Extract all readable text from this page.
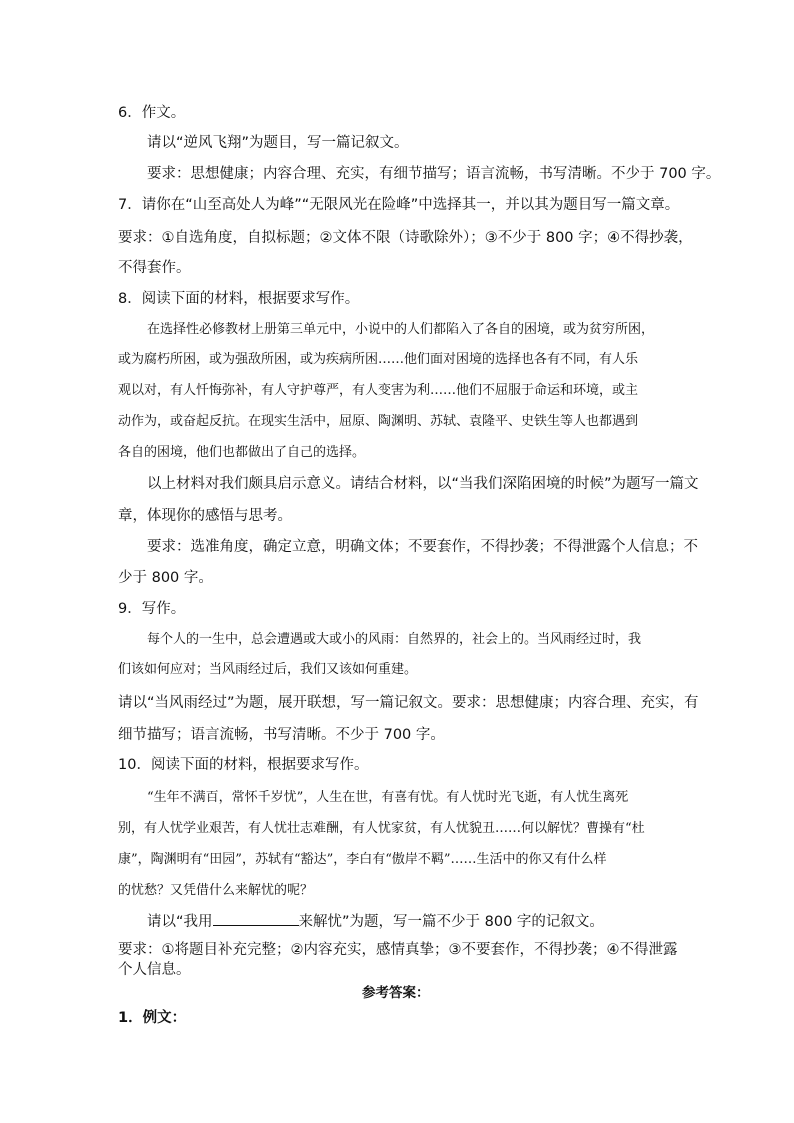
6．作文。
请以“逆风飞翔”为题目，写一篇记叙文。
要求：思想健康；内容合理、充实，有细节描写；语言流畅，书写清晰。不少于 700 字。
7．请你在“山至高处人为峰”“无限风光在险峰”中选择其一，并以其为题目写一篇文章。
要求：①自选角度，自拟标题；②文体不限（诗歌除外）；③不少于 800 字；④不得抄袭，
不得套作。
8．阅读下面的材料，根据要求写作。
在选择性必修教材上册第三单元中，小说中的人们都陷入了各自的困境，或为贫穷所困，
或为腐朽所困，或为强敌所困，或为疾病所困……他们面对困境的选择也各有不同，有人乐
观以对，有人忏悔弥补，有人守护尊严，有人变害为利……他们不屈服于命运和环境，或主
动作为，或奋起反抗。在现实生活中，屈原、陶渊明、苏轼、袁隆平、史铁生等人也都遇到
各自的困境，他们也都做出了自己的选择。
以上材料对我们颇具启示意义。请结合材料，以“当我们深陷困境的时候”为题写一篇文
章，体现你的感悟与思考。
要求：选准角度，确定立意，明确文体；不要套作，不得抄袭；不得泄露个人信息；不
少于 800 字。
9．写作。
每个人的一生中，总会遭遇或大或小的风雨：自然界的，社会上的。当风雨经过时，我
们该如何应对；当风雨经过后，我们又该如何重建。
请以“当风雨经过”为题，展开联想，写一篇记叙文。要求：思想健康；内容合理、充实，有
细节描写；语言流畅，书写清晰。不少于 700 字。
10．阅读下面的材料，根据要求写作。
“生年不满百，常怀千岁忧”，人生在世，有喜有忧。有人忧时光飞逝，有人忧生离死
别，有人忧学业艰苦，有人忧壮志难酬，有人忧家贫，有人忧貌丑……何以解忧？曹操有“杜
康”，陶渊明有“田园”，苏轼有“豁达”，李白有“傲岸不羁”……生活中的你又有什么样
的忧愁？又凭借什么来解忧的呢？
请以“我用	来解忧”为题，写一篇不少于 800 字的记叙文。
要求：①将题目补充完整；②内容充实，感情真挚；③不要套作，不得抄袭；④不得泄露
个人信息。
参考答案：
1．例文：
